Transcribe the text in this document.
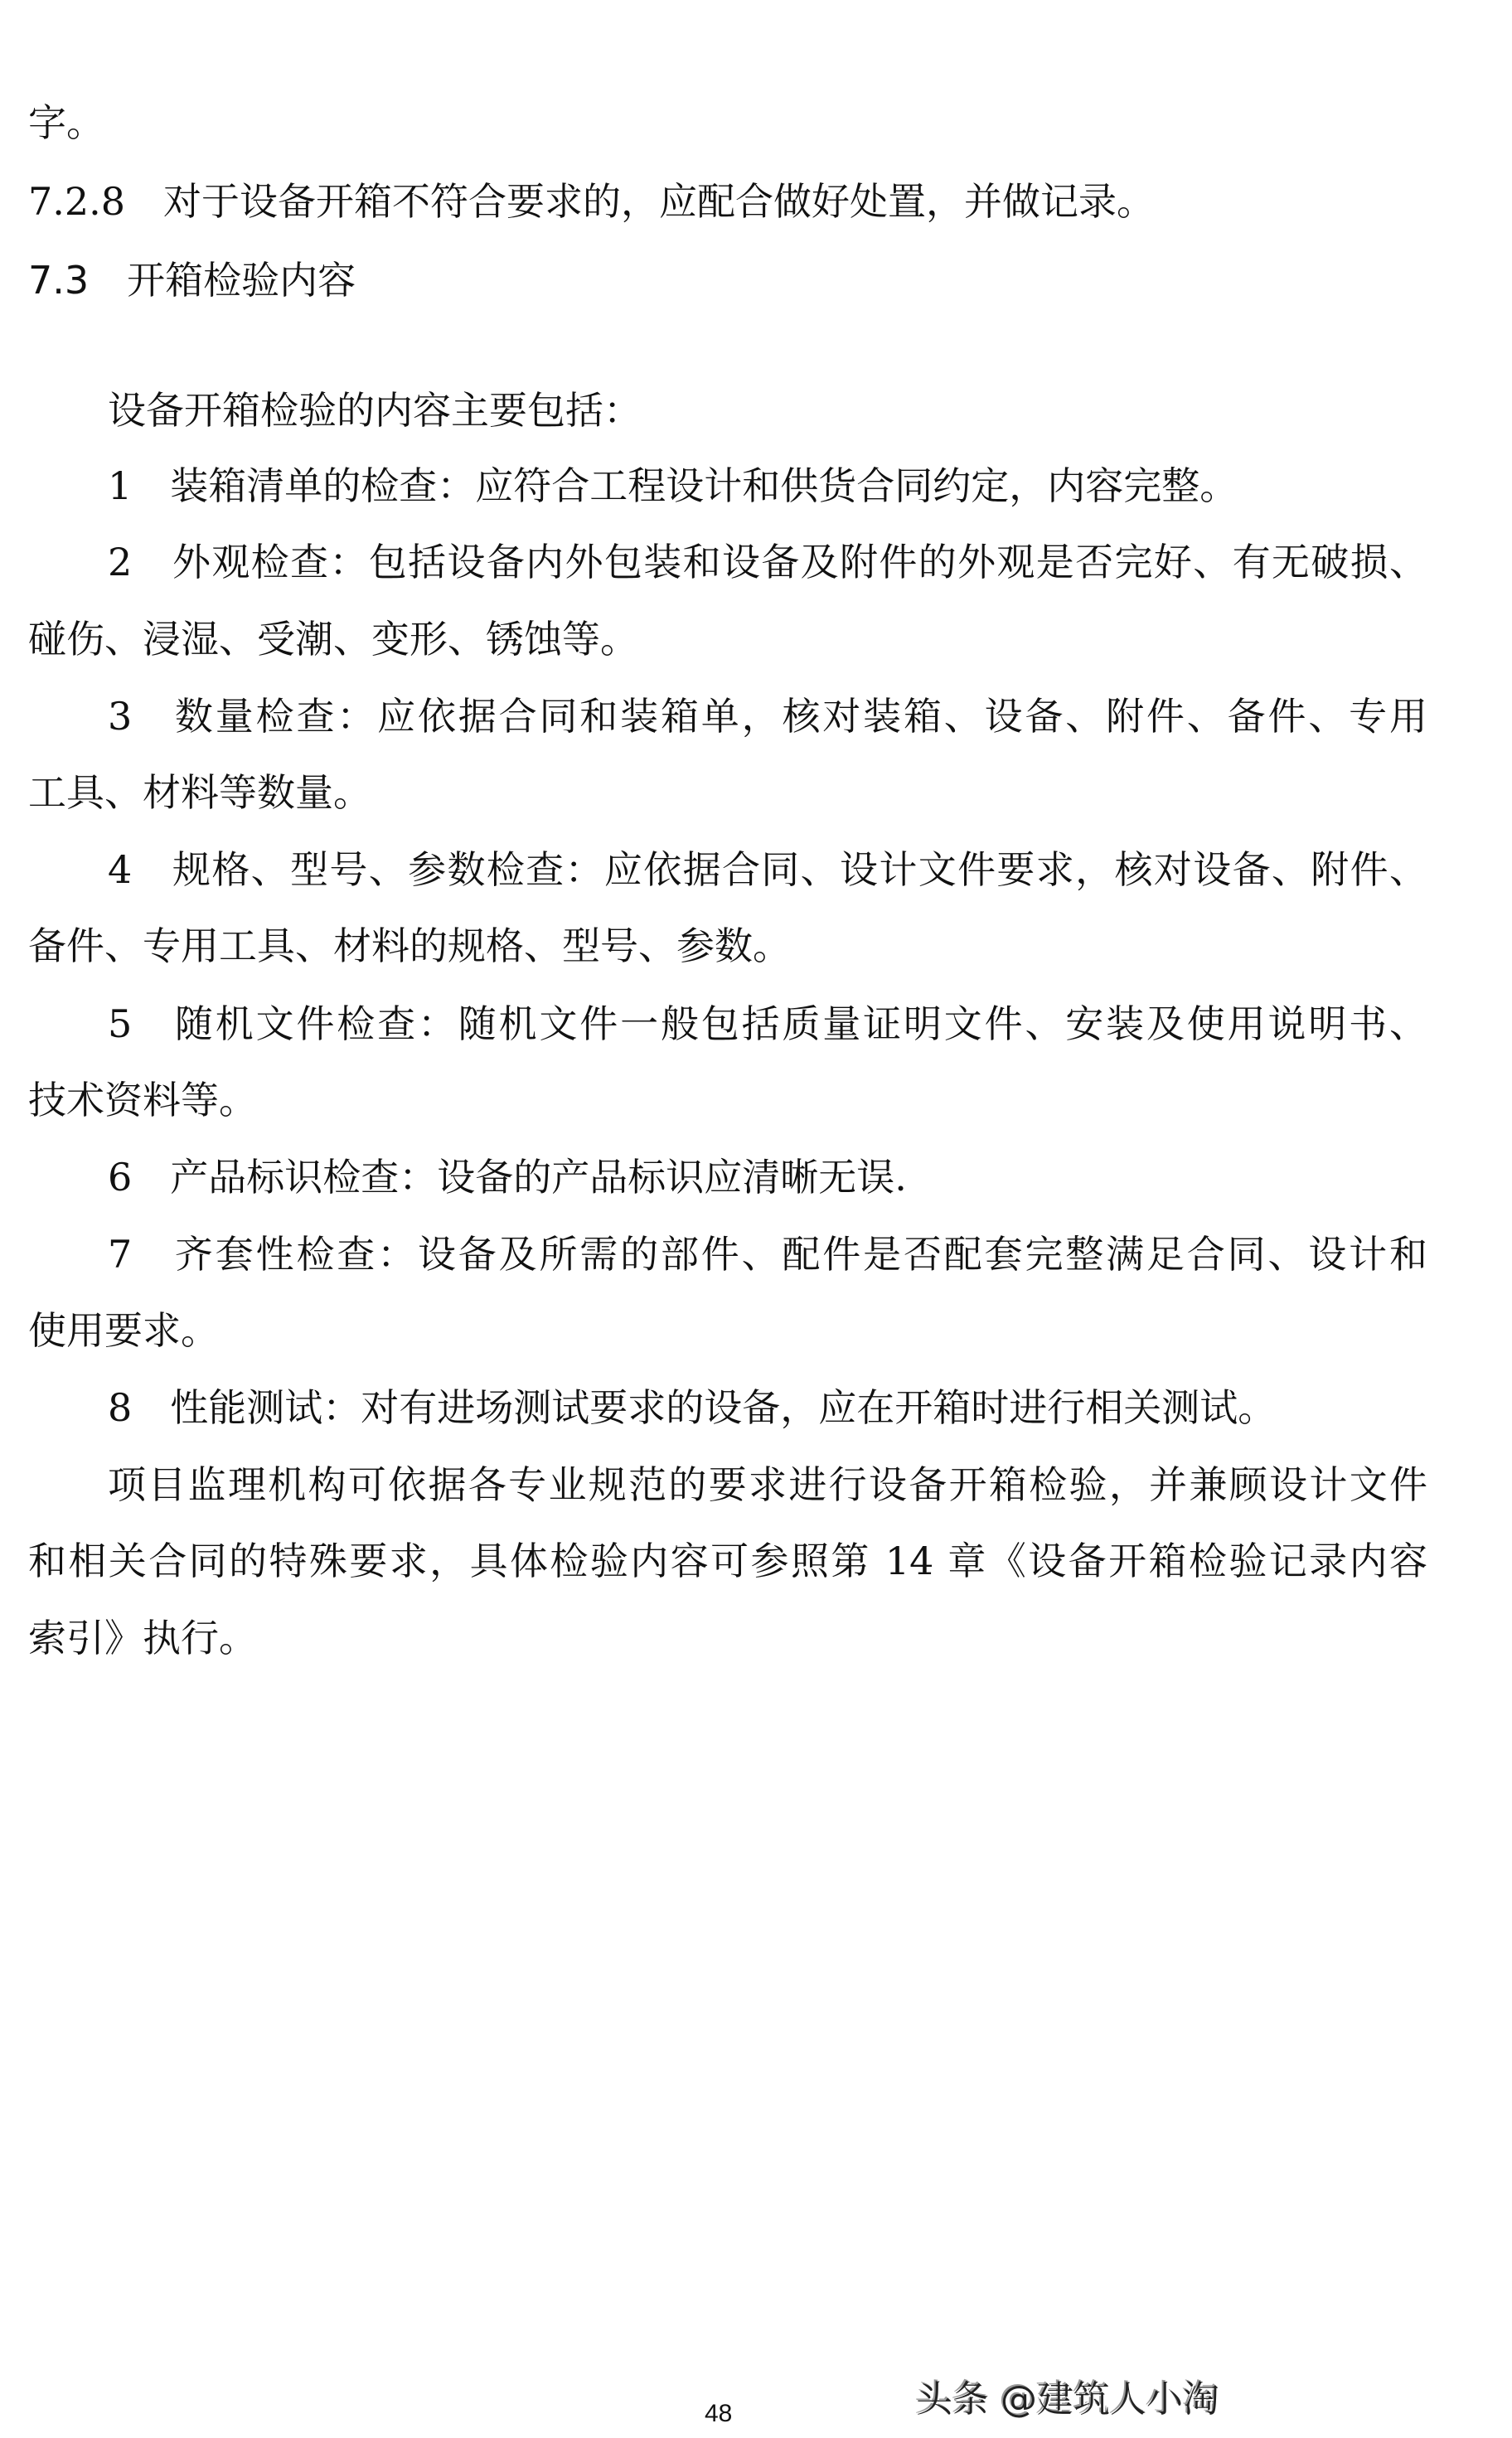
字。
7.2.8　对于设备开箱不符合要求的，应配合做好处置，并做记录。
7.3　开箱检验内容
设备开箱检验的内容主要包括：
1　装箱清单的检查：应符合工程设计和供货合同约定，内容完整。
2　外观检查：包括设备内外包装和设备及附件的外观是否完好、有无破损、
碰伤、浸湿、受潮、变形、锈蚀等。
3　数量检查：应依据合同和装箱单，核对装箱、设备、附件、备件、专用
工具、材料等数量。
4　规格、型号、参数检查：应依据合同、设计文件要求，核对设备、附件、
备件、专用工具、材料的规格、型号、参数。
5　随机文件检查：随机文件一般包括质量证明文件、安装及使用说明书、
技术资料等。
6　产品标识检查：设备的产品标识应清晰无误.
7　齐套性检查：设备及所需的部件、配件是否配套完整满足合同、设计和
使用要求。
8　性能测试：对有进场测试要求的设备，应在开箱时进行相关测试。
项目监理机构可依据各专业规范的要求进行设备开箱检验，并兼顾设计文件
和相关合同的特殊要求，具体检验内容可参照第 14 章《设备开箱检验记录内容
索引》执行。
头条 @建筑人小淘
48
